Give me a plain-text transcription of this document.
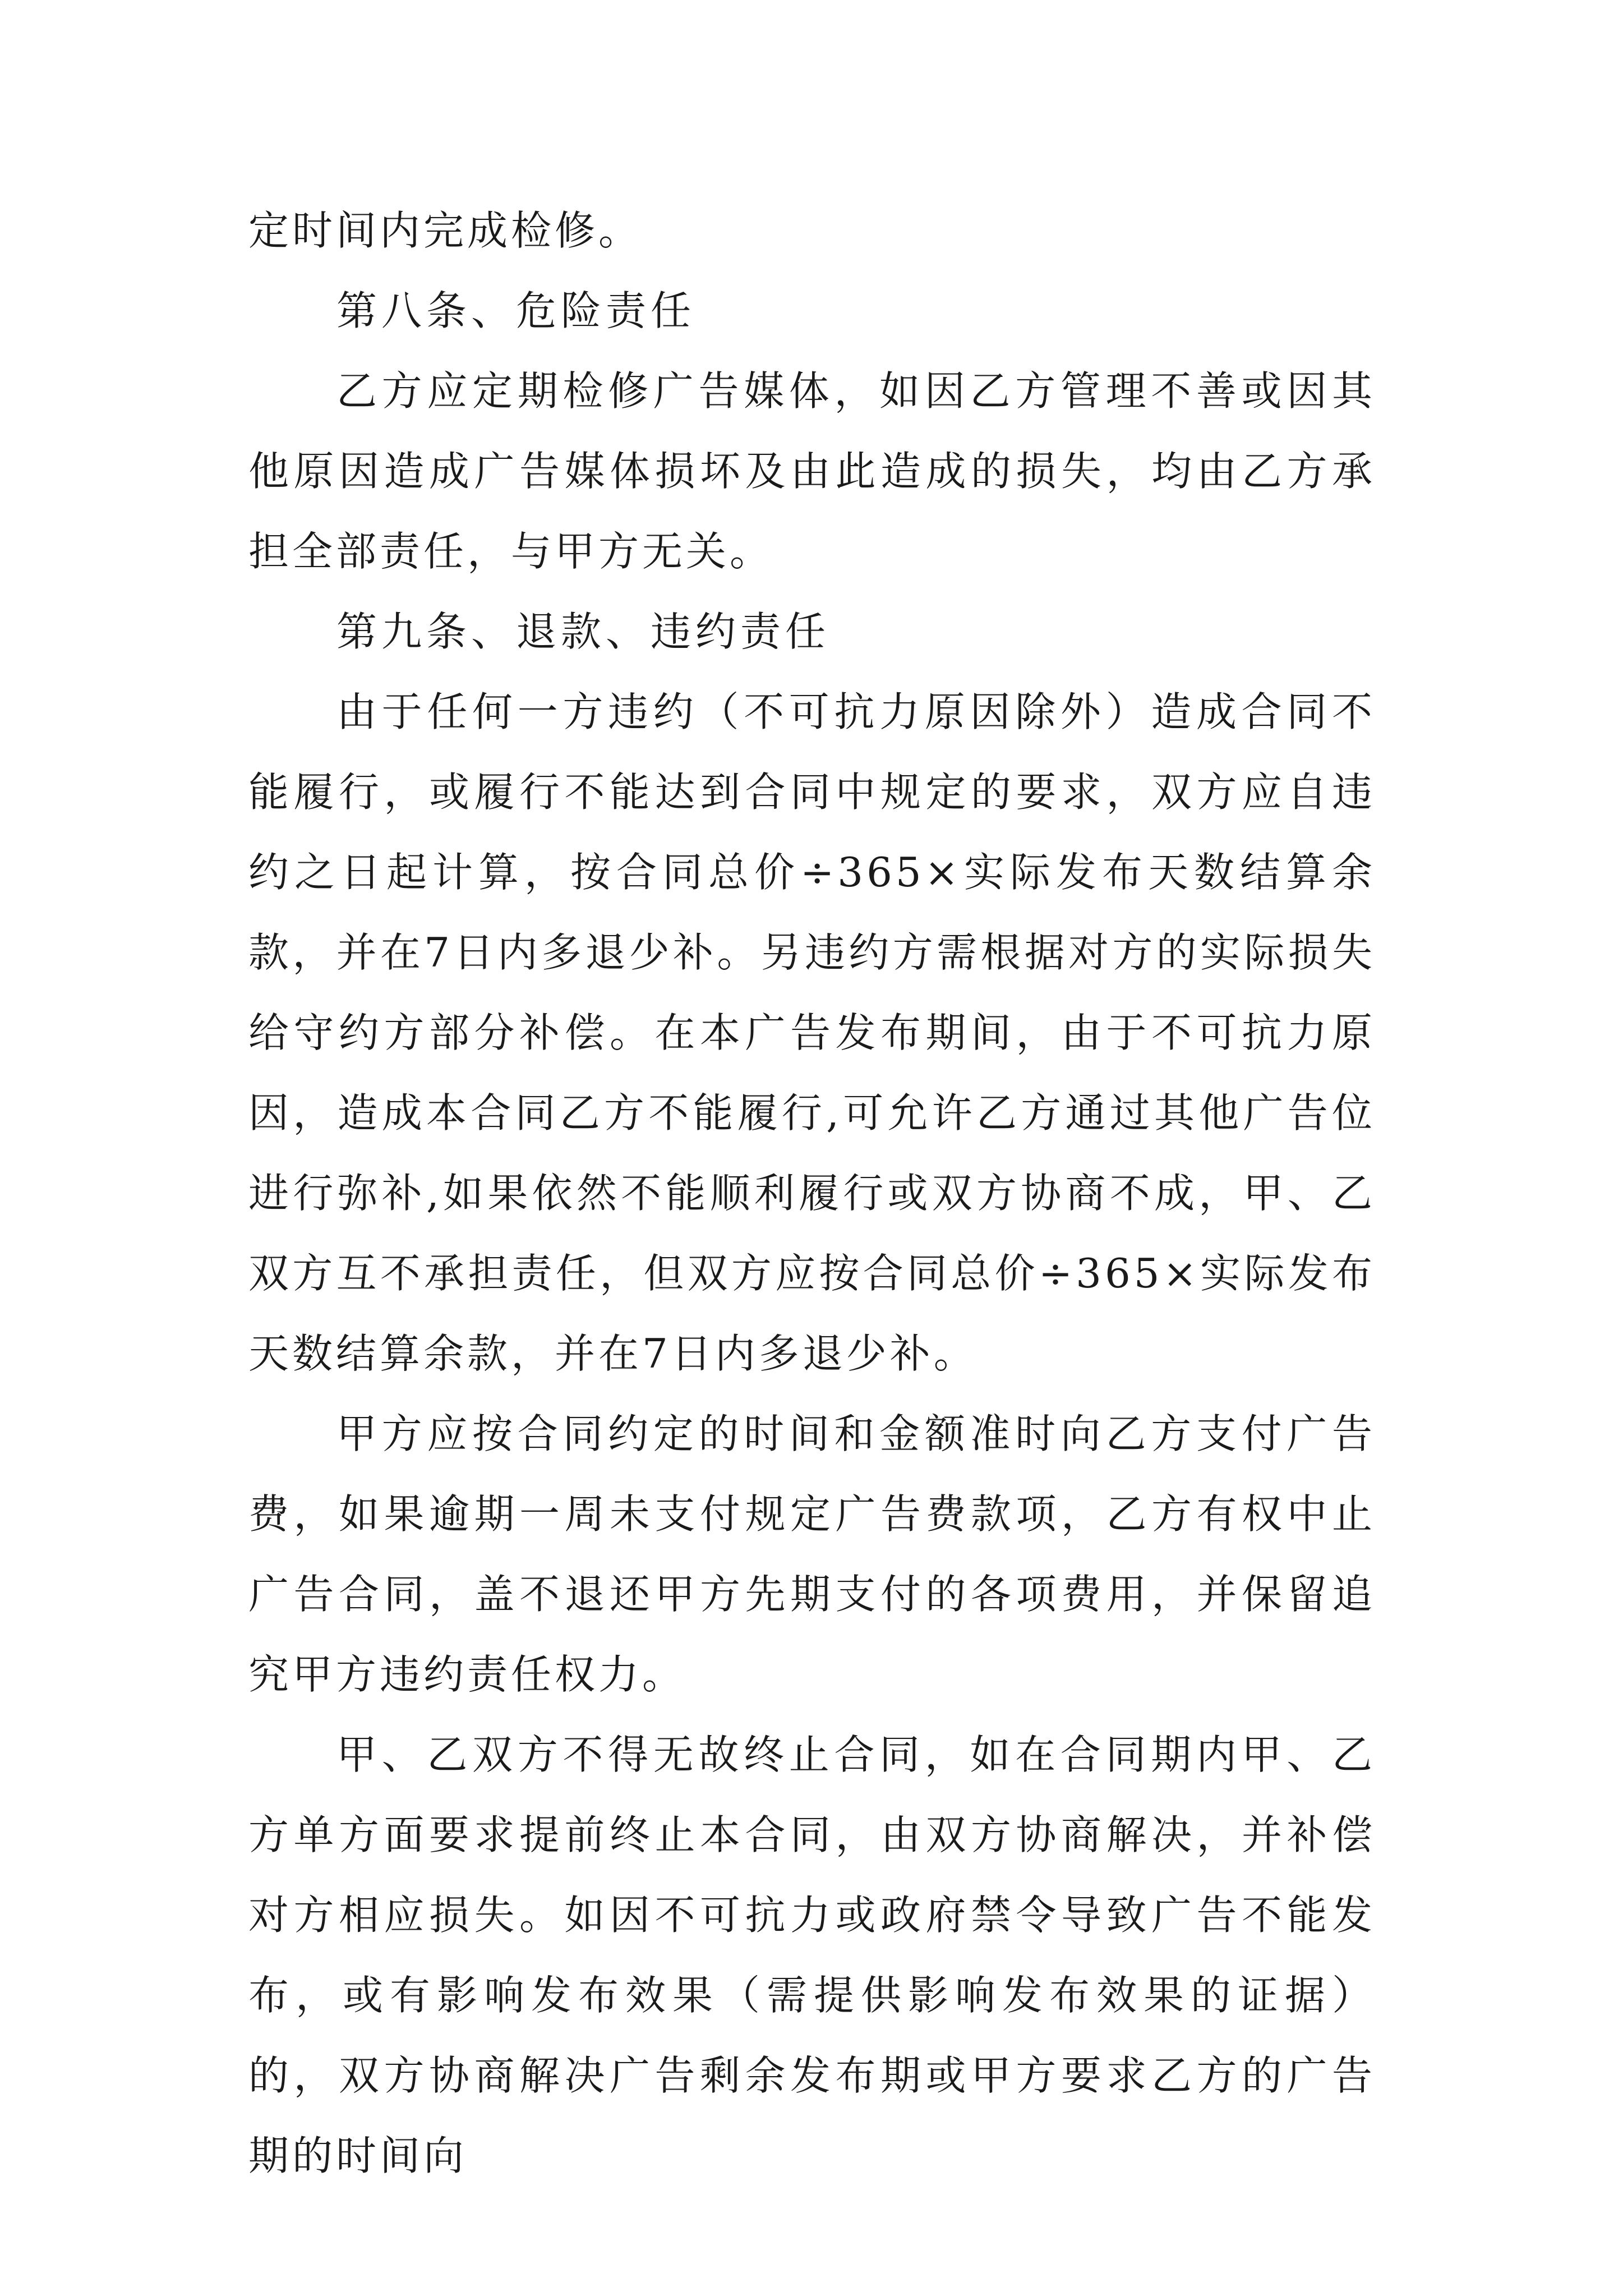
定时间内完成检修。

第八条、危险责任

乙方应定期检修广告媒体，如因乙方管理不善或因其他原因造成广告媒体损坏及由此造成的损失，均由乙方承担全部责任，与甲方无关。

第九条、退款、违约责任

由于任何一方违约（不可抗力原因除外）造成合同不能履行，或履行不能达到合同中规定的要求，双方应自违约之日起计算，按合同总价÷365×实际发布天数结算余款，并在7日内多退少补。另违约方需根据对方的实际损失给守约方部分补偿。在本广告发布期间，由于不可抗力原因，造成本合同乙方不能履行,可允许乙方通过其他广告位进行弥补,如果依然不能顺利履行或双方协商不成，甲、乙双方互不承担责任，但双方应按合同总价÷365×实际发布天数结算余款，并在7日内多退少补。

甲方应按合同约定的时间和金额准时向乙方支付广告费，如果逾期一周未支付规定广告费款项，乙方有权中止广告合同，盖不退还甲方先期支付的各项费用，并保留追究甲方违约责任权力。

甲、乙双方不得无故终止合同，如在合同期内甲、乙方单方面要求提前终止本合同，由双方协商解决，并补偿对方相应损失。如因不可抗力或政府禁令导致广告不能发布，或有影响发布效果（需提供影响发布效果的证据）的，双方协商解决广告剩余发布期或甲方要求乙方的广告期的时间向
